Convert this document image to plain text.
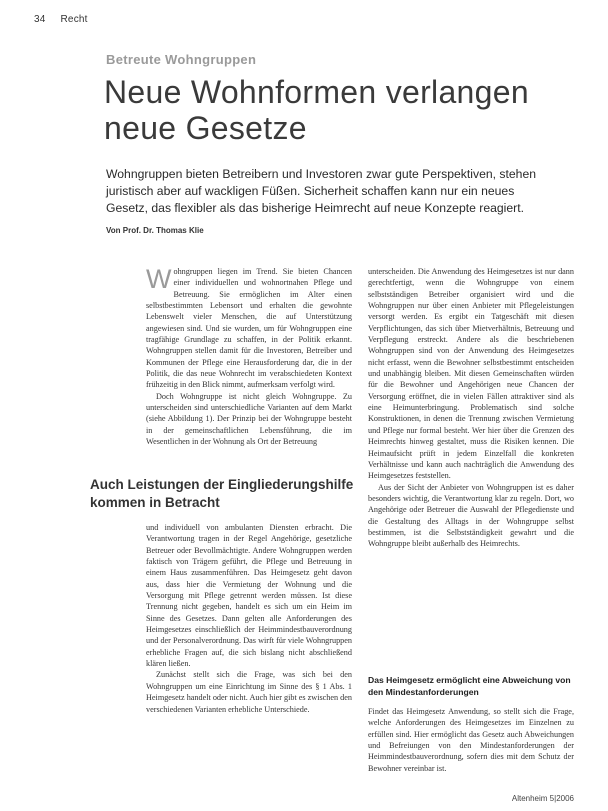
34 Recht
Betreute Wohngruppen
Neue Wohnformen verlangen neue Gesetze

Wohngruppen bieten Betreibern und Investoren zwar gute Perspektiven, stehen juristisch aber auf wackligen Füßen. Sicherheit schaffen kann nur ein neues Gesetz, das flexibler als das bisherige Heimrecht auf neue Konzepte reagiert.

Von Prof. Dr. Thomas Klie

Wohngruppen liegen im Trend. Sie bieten Chancen einer individuellen und wohnortnahen Pflege und Betreuung. Sie ermöglichen im Alter einen selbstbestimmten Lebensort und erhalten die gewohnte Lebenswelt vieler Menschen, die auf Unterstützung angewiesen sind. Und sie wurden, um für Wohngruppen eine tragfähige Grundlage zu schaffen, in der Politik erkannt. Wohngruppen stellen damit für die Investoren, Betreiber und Kommunen der Pflege eine Herausforderung dar, die in der Politik, die das neue Wohnrecht im verabschiedeten Kontext frühzeitig in den Blick nimmt, aufmerksam verfolgt wird.

Doch Wohngruppe ist nicht gleich Wohngruppe. Zu unterscheiden sind unterschiedliche Varianten auf dem Markt (siehe Abbildung 1). Der Prinzip bei der Wohngruppe besteht in der gemeinschaftlichen Lebensführung, die im Wesentlichen in der Wohnung als Ort der Betreuung

Auch Leistungen der Eingliederungshilfe kommen in Betracht

und individuell von ambulanten Diensten erbracht. Die Verantwortung tragen in der Regel Angehörige, gesetzliche Betreuer oder Bevollmächtigte. Andere Wohngruppen werden faktisch von Trägern geführt, die Pflege und Betreuung in einem Haus zusammenführen. Das Heimgesetz geht davon aus, dass hier die Vermietung der Wohnung und die Versorgung mit Pflege getrennt werden müssen. Ist diese Trennung nicht gegeben, handelt es sich um ein Heim im Sinne des Gesetzes. Dann gelten alle Anforderungen des Heimgesetzes einschließlich der Heimmindestbauverordnung und der Personalverordnung. Das wirft für viele Wohngruppen erhebliche Fragen auf, die sich bislang nicht abschließend klären ließen.

Zunächst stellt sich die Frage, was sich bei den Wohngruppen um eine Einrichtung im Sinne des § 1 Abs. 1 Heimgesetz handelt oder nicht. Auch hier gibt es zwischen den verschiedenen Varianten erhebliche Unterschiede.

unterscheiden. Die Anwendung des Heimgesetzes ist nur dann gerechtfertigt, wenn die Wohngruppe von einem selbstständigen Betreiber organisiert wird und die Wohngruppen nur über einen Anbieter mit Pflegeleistungen versorgt werden. Es ergibt ein Tatgeschäft mit diesen Verpflichtungen, das sich über Mietverhältnis, Betreuung und Verpflegung erstreckt. Andere als die beschriebenen Wohngruppen sind von der Anwendung des Heimgesetzes nicht erfasst, wenn die Bewohner selbstbestimmt entscheiden und unabhängig bleiben. Mit diesen Gemeinschaften würden für die Bewohner und Angehörigen neue Chancen der Versorgung eröffnet, die in vielen Fällen attraktiver sind als eine Heimunterbringung. Problematisch sind solche Konstruktionen, in denen die Trennung zwischen Vermietung und Pflege nur formal besteht. Wer hier über die Grenzen des Heimrechts hinweg gestaltet, muss die Risiken kennen. Die Heimaufsicht prüft in jedem Einzelfall die konkreten Verhältnisse und kann auch nachträglich die Anwendung des Heimgesetzes feststellen.

Aus der Sicht der Anbieter von Wohngruppen ist es daher besonders wichtig, die Verantwortung klar zu regeln. Dort, wo Angehörige oder Betreuer die Auswahl der Pflegedienste und die Gestaltung des Alltags in der Wohngruppe selbst bestimmen, ist die Selbstständigkeit gewahrt und die Wohngruppe bleibt außerhalb des Heimrechts.

Das Heimgesetz ermöglicht eine Abweichung von den Mindestanforderungen

Findet das Heimgesetz Anwendung, so stellt sich die Frage, welche Anforderungen des Heimgesetzes im Einzelnen zu erfüllen sind. Hier ermöglicht das Gesetz auch Abweichungen und Befreiungen von den Mindestanforderungen der Heimmindestbauverordnung, sofern dies mit dem Schutz der Bewohner vereinbar ist.

Altenheim 5|2006
